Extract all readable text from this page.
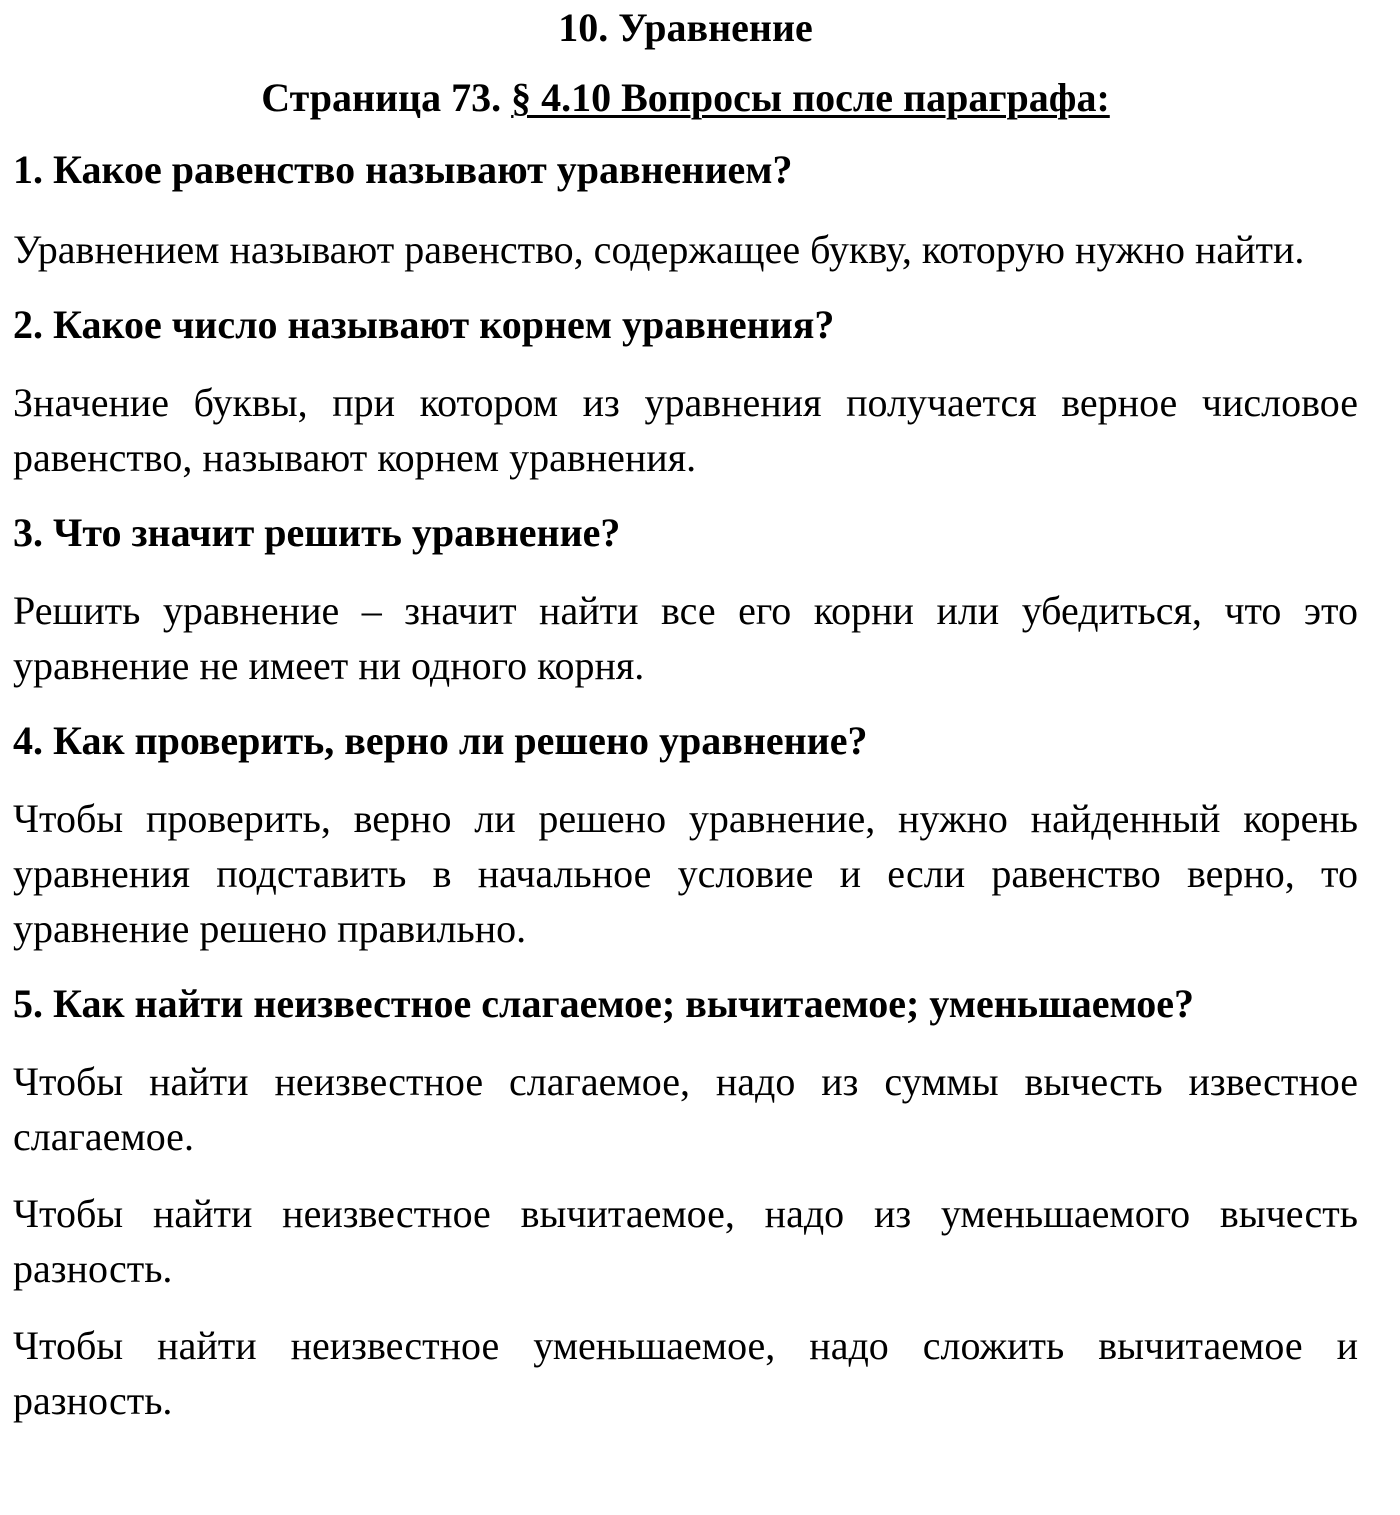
10. Уравнение

Страница 73. § 4.10 Вопросы после параграфа:

1. Какое равенство называют уравнением?

Уравнением называют равенство, содержащее букву, которую нужно найти.

2. Какое число называют корнем уравнения?

Значение буквы, при котором из уравнения получается верное числовое равенство, называют корнем уравнения.

3. Что значит решить уравнение?

Решить уравнение – значит найти все его корни или убедиться, что это уравнение не имеет ни одного корня.

4. Как проверить, верно ли решено уравнение?

Чтобы проверить, верно ли решено уравнение, нужно найденный корень уравнения подставить в начальное условие и если равенство верно, то уравнение решено правильно.

5. Как найти неизвестное слагаемое; вычитаемое; уменьшаемое?

Чтобы найти неизвестное слагаемое, надо из суммы вычесть известное слагаемое.

Чтобы найти неизвестное вычитаемое, надо из уменьшаемого вычесть разность.

Чтобы найти неизвестное уменьшаемое, надо сложить вычитаемое и разность.
